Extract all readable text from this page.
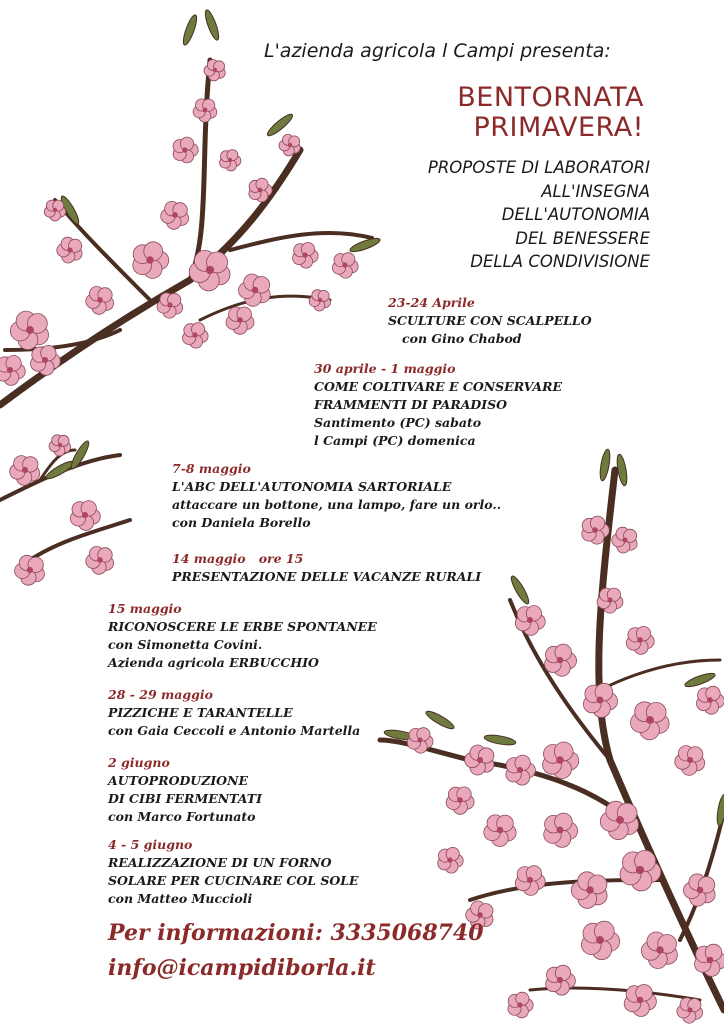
L'azienda agricola l Campi presenta:
BENTORNATA
PRIMAVERA!
PROPOSTE DI LABORATORI
ALL'INSEGNA
DELL'AUTONOMIA
DEL BENESSERE
DELLA CONDIVISIONE
23-24 Aprile
SCULTURE CON SCALPELLO
con Gino Chabod
30 aprile - 1 maggio
COME COLTIVARE E CONSERVARE
FRAMMENTI DI PARADISO
Santimento (PC) sabato
l Campi (PC) domenica
7-8 maggio
L'ABC DELL'AUTONOMIA SARTORIALE
attaccare un bottone, una lampo, fare un orlo..
con Daniela Borello
14 maggio   ore 15
PRESENTAZIONE DELLE VACANZE RURALI
15 maggio
RICONOSCERE LE ERBE SPONTANEE
con Simonetta Covini.
Azienda agricola ERBUCCHIO
28 - 29 maggio
PIZZICHE E TARANTELLE
con Gaia Ceccoli e Antonio Martella
2 giugno
AUTOPRODUZIONE
DI CIBI FERMENTATI
con Marco Fortunato
4 - 5 giugno
REALIZZAZIONE DI UN FORNO
SOLARE PER CUCINARE COL SOLE
con Matteo Muccioli
Per informazioni: 3335068740
info@icampidiborla.it
